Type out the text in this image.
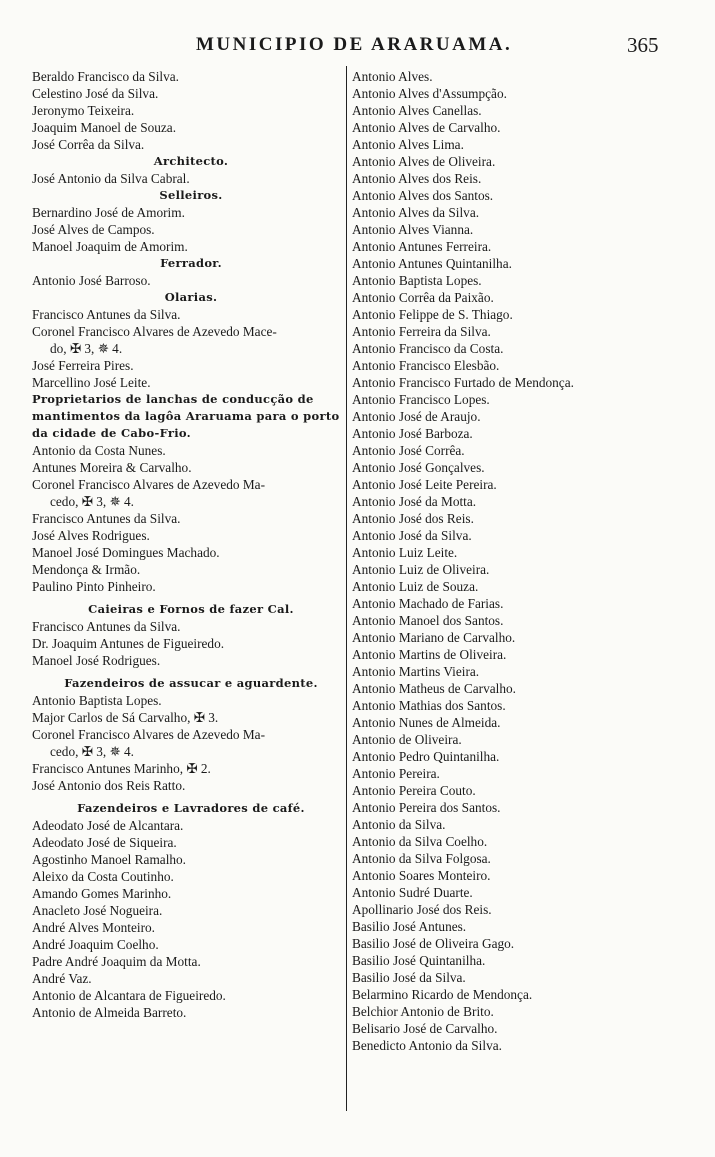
MUNICIPIO DE ARARUAMA.	365
Beraldo Francisco da Silva.
Celestino José da Silva.
Jeronymo Teixeira.
Joaquim Manoel de Souza.
José Corrêa da Silva.
Architecto.
José Antonio da Silva Cabral.
Selleiros.
Bernardino José de Amorim.
José Alves de Campos.
Manoel Joaquim de Amorim.
Ferrador.
Antonio José Barroso.
Olarias.
Francisco Antunes da Silva.
Coronel Francisco Alvares de Azevedo Mace-
do, ✠ 3, ✵ 4.
José Ferreira Pires.
Marcellino José Leite.
Proprietarios de lanchas de conducção de mantimentos da lagôa Araruama para o porto da cidade de Cabo-Frio.
Antonio da Costa Nunes.
Antunes Moreira & Carvalho.
Coronel Francisco Alvares de Azevedo Ma-
cedo, ✠ 3, ✵ 4.
Francisco Antunes da Silva.
José Alves Rodrigues.
Manoel José Domingues Machado.
Mendonça & Irmão.
Paulino Pinto Pinheiro.
Caieiras e Fornos de fazer Cal.
Francisco Antunes da Silva.
Dr. Joaquim Antunes de Figueiredo.
Manoel José Rodrigues.
Fazendeiros de assucar e aguardente.
Antonio Baptista Lopes.
Major Carlos de Sá Carvalho, ✠ 3.
Coronel Francisco Alvares de Azevedo Ma-
cedo, ✠ 3, ✵ 4.
Francisco Antunes Marinho, ✠ 2.
José Antonio dos Reis Ratto.
Fazendeiros e Lavradores de café.
Adeodato José de Alcantara.
Adeodato José de Siqueira.
Agostinho Manoel Ramalho.
Aleixo da Costa Coutinho.
Amando Gomes Marinho.
Anacleto José Nogueira.
André Alves Monteiro.
André Joaquim Coelho.
Padre André Joaquim da Motta.
André Vaz.
Antonio de Alcantara de Figueiredo.
Antonio de Almeida Barreto.
Antonio Alves.
Antonio Alves d'Assumpção.
Antonio Alves Canellas.
Antonio Alves de Carvalho.
Antonio Alves Lima.
Antonio Alves de Oliveira.
Antonio Alves dos Reis.
Antonio Alves dos Santos.
Antonio Alves da Silva.
Antonio Alves Vianna.
Antonio Antunes Ferreira.
Antonio Antunes Quintanilha.
Antonio Baptista Lopes.
Antonio Corrêa da Paixão.
Antonio Felippe de S. Thiago.
Antonio Ferreira da Silva.
Antonio Francisco da Costa.
Antonio Francisco Elesbão.
Antonio Francisco Furtado de Mendonça.
Antonio Francisco Lopes.
Antonio José de Araujo.
Antonio José Barboza.
Antonio José Corrêa.
Antonio José Gonçalves.
Antonio José Leite Pereira.
Antonio José da Motta.
Antonio José dos Reis.
Antonio José da Silva.
Antonio Luiz Leite.
Antonio Luiz de Oliveira.
Antonio Luiz de Souza.
Antonio Machado de Farias.
Antonio Manoel dos Santos.
Antonio Mariano de Carvalho.
Antonio Martins de Oliveira.
Antonio Martins Vieira.
Antonio Matheus de Carvalho.
Antonio Mathias dos Santos.
Antonio Nunes de Almeida.
Antonio de Oliveira.
Antonio Pedro Quintanilha.
Antonio Pereira.
Antonio Pereira Couto.
Antonio Pereira dos Santos.
Antonio da Silva.
Antonio da Silva Coelho.
Antonio da Silva Folgosa.
Antonio Soares Monteiro.
Antonio Sudré Duarte.
Apollinario José dos Reis.
Basilio José Antunes.
Basilio José de Oliveira Gago.
Basilio José Quintanilha.
Basilio José da Silva.
Belarmino Ricardo de Mendonça.
Belchior Antonio de Brito.
Belisario José de Carvalho.
Benedicto Antonio da Silva.
